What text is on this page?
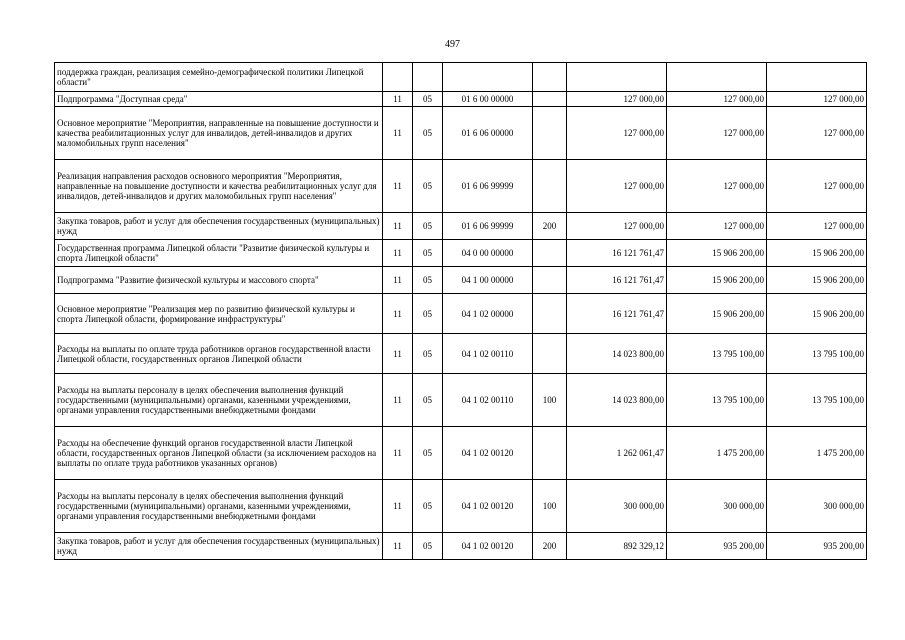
497
поддержка граждан, реализация семейно-демографической политики Липецкой области"							
Подпрограмма "Доступная среда"	11	05	01 6 00 00000		127 000,00	127 000,00	127 000,00
Основное мероприятие "Мероприятия, направленные на повышение доступности и качества реабилитационных услуг для инвалидов, детей-инвалидов и других маломобильных групп населения"	11	05	01 6 06 00000		127 000,00	127 000,00	127 000,00
Реализация направления расходов основного мероприятия "Мероприятия, направленные на повышение доступности и качества реабилитационных услуг для инвалидов, детей-инвалидов и других маломобильных групп населения"	11	05	01 6 06 99999		127 000,00	127 000,00	127 000,00
Закупка товаров, работ и услуг для обеспечения государственных (муниципальных) нужд	11	05	01 6 06 99999	200	127 000,00	127 000,00	127 000,00
Государственная программа Липецкой области "Развитие физической культуры и спорта Липецкой области"	11	05	04 0 00 00000		16 121 761,47	15 906 200,00	15 906 200,00
Подпрограмма "Развитие физической культуры и массового спорта"	11	05	04 1 00 00000		16 121 761,47	15 906 200,00	15 906 200,00
Основное мероприятие "Реализация мер по развитию физической культуры и спорта Липецкой области, формирование инфраструктуры"	11	05	04 1 02 00000		16 121 761,47	15 906 200,00	15 906 200,00
Расходы на выплаты по оплате труда работников органов государственной власти Липецкой области, государственных органов Липецкой области	11	05	04 1 02 00110		14 023 800,00	13 795 100,00	13 795 100,00
Расходы на выплаты персоналу в целях обеспечения выполнения функций государственными (муниципальными) органами, казенными учреждениями, органами управления государственными внебюджетными фондами	11	05	04 1 02 00110	100	14 023 800,00	13 795 100,00	13 795 100,00
Расходы на обеспечение функций органов государственной власти Липецкой области, государственных органов Липецкой области (за исключением расходов на выплаты по оплате труда работников указанных органов)	11	05	04 1 02 00120		1 262 061,47	1 475 200,00	1 475 200,00
Расходы на выплаты персоналу в целях обеспечения выполнения функций государственными (муниципальными) органами, казенными учреждениями, органами управления государственными внебюджетными фондами	11	05	04 1 02 00120	100	300 000,00	300 000,00	300 000,00
Закупка товаров, работ и услуг для обеспечения государственных (муниципальных) нужд	11	05	04 1 02 00120	200	892 329,12	935 200,00	935 200,00
